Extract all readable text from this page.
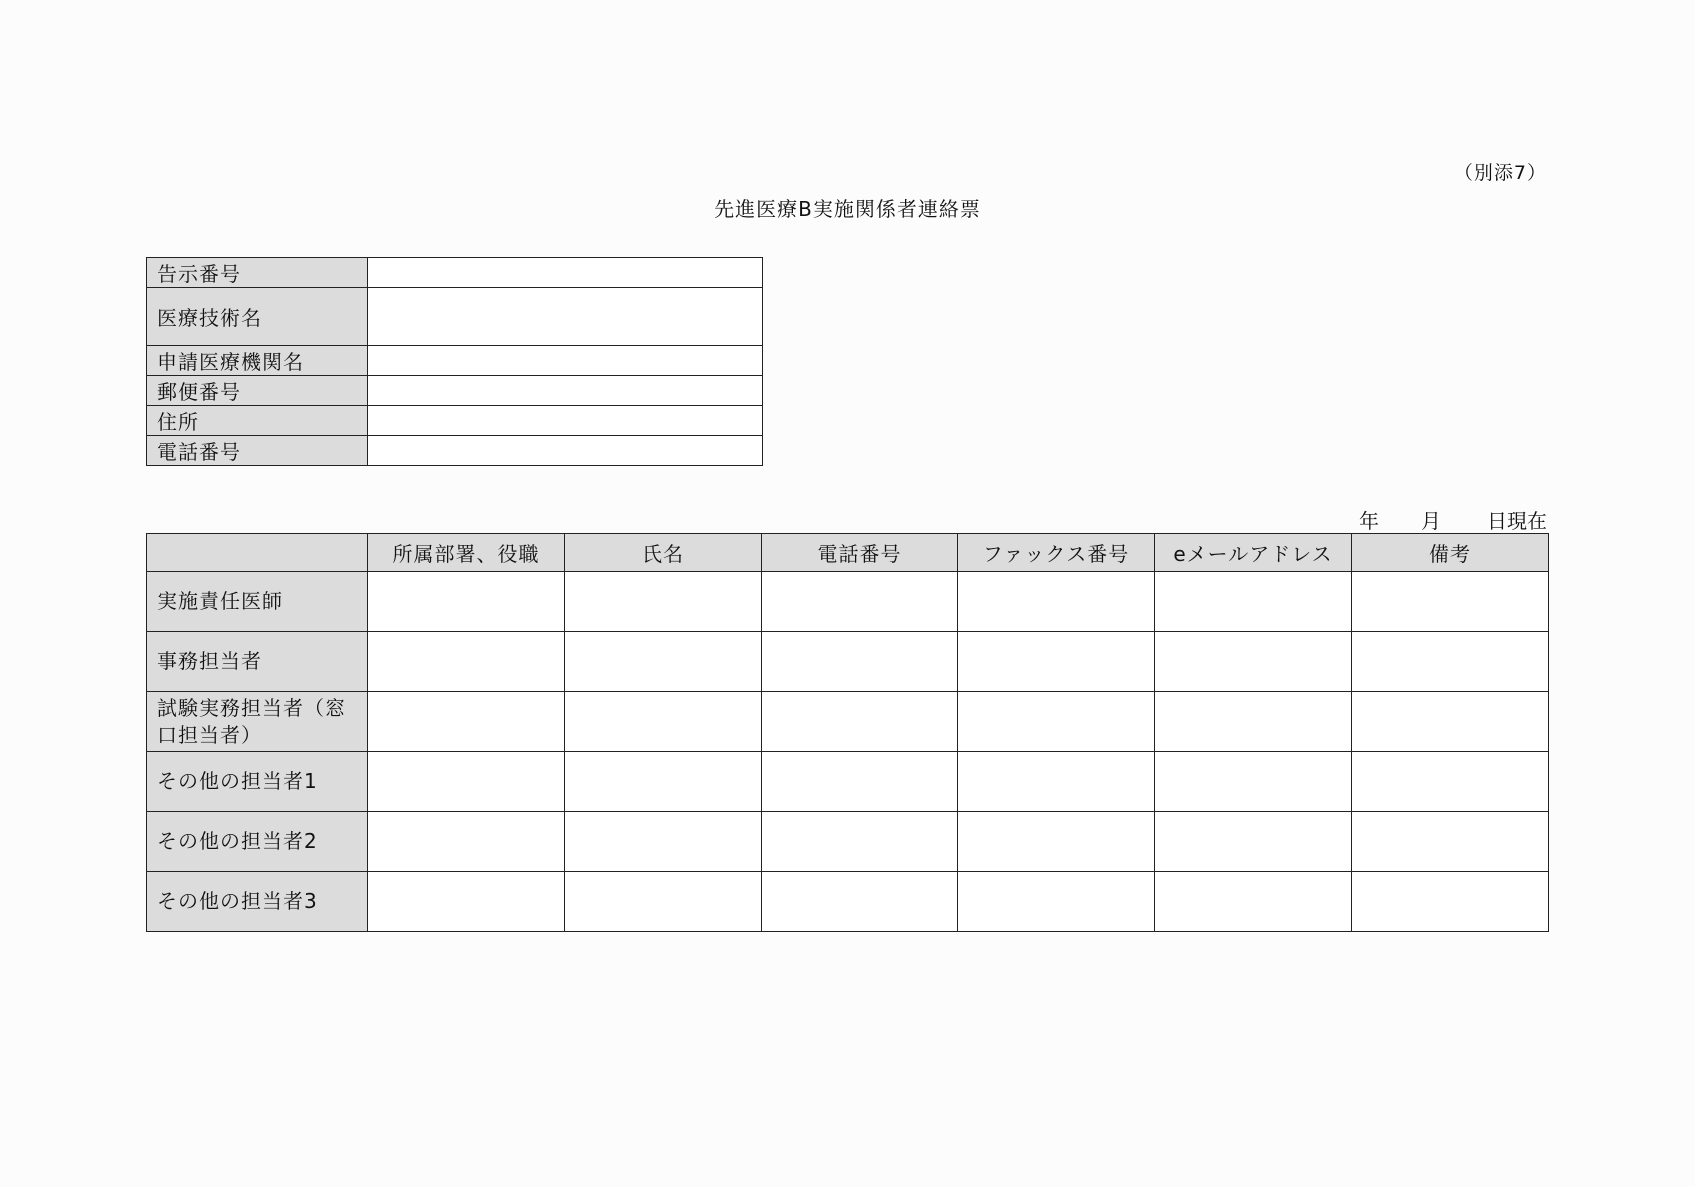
（別添7）
先進医療B実施関係者連絡票
告示番号	
医療技術名	
申請医療機関名	
郵便番号	
住所	
電話番号	
年 月 日現在
	所属部署、役職	氏名	電話番号	ファックス番号	eメールアドレス	備考
実施責任医師						
事務担当者						
試験実務担当者（窓口担当者）						
その他の担当者1						
その他の担当者2						
その他の担当者3						
